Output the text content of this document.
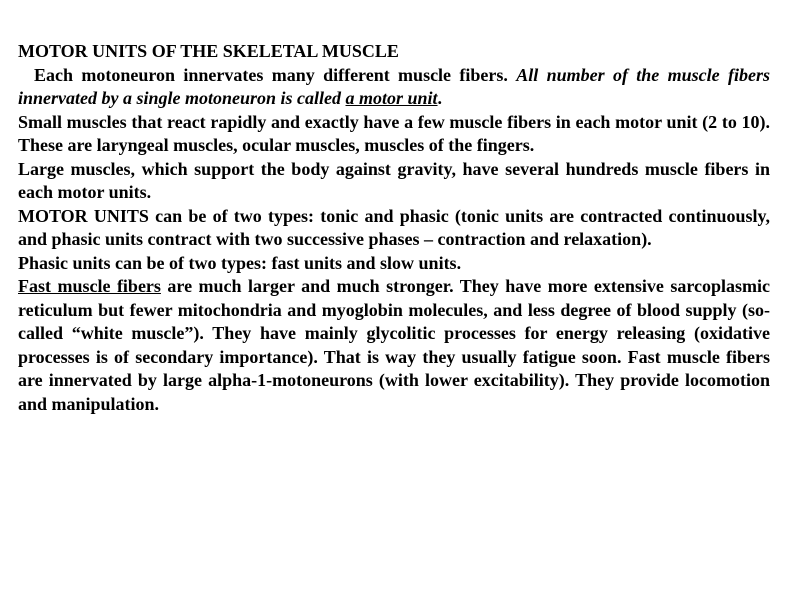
MOTOR UNITS OF THE SKELETAL MUSCLE

Each motoneuron innervates many different muscle fibers. All number of the muscle fibers innervated by a single motoneuron is called a motor unit.

Small muscles that react rapidly and exactly have a few muscle fibers in each motor unit (2 to 10). These are laryngeal muscles, ocular muscles, muscles of the fingers.

Large muscles, which support the body against gravity, have several hundreds muscle fibers in each motor units.

MOTOR UNITS can be of two types: tonic and phasic (tonic units are contracted continuously, and phasic units contract with two successive phases – contraction and relaxation).

Phasic units can be of two types: fast units and slow units.

Fast muscle fibers are much larger and much stronger. They have more extensive sarcoplasmic reticulum but fewer mitochondria and myoglobin molecules, and less degree of blood supply (so-called “white muscle”). They have mainly glycolitic processes for energy releasing (oxidative processes is of secondary importance). That is way they usually fatigue soon. Fast muscle fibers are innervated by large alpha-1-motoneurons (with lower excitability). They provide locomotion and manipulation.
